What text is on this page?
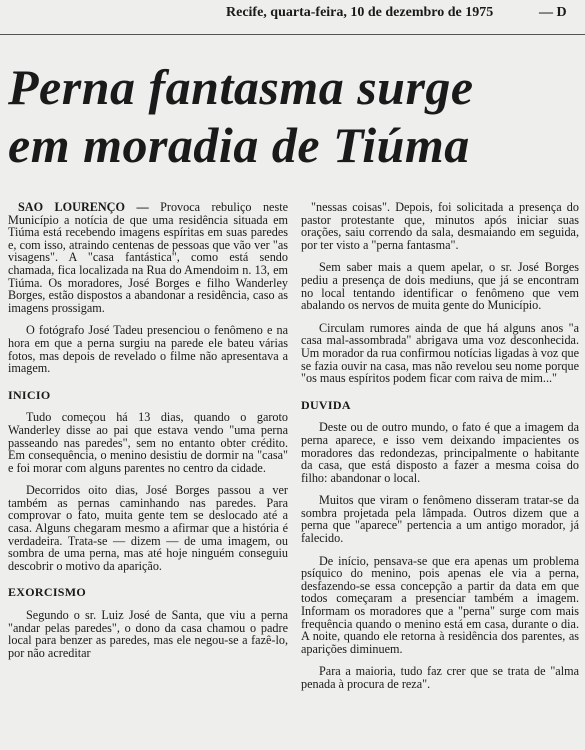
Recife, quarta-feira, 10 de dezembro de 1975	— D
Perna fantasma surge
em moradia de Tiúma

SAO LOURENÇO — Provoca rebuliço neste Município a notícia de que uma residência situada em Tiúma está recebendo imagens espíritas em suas paredes e, com isso, atraindo centenas de pessoas que vão ver "as visagens". A "casa fantástica", como está sendo chamada, fica localizada na Rua do Amendoim n. 13, em Tiúma. Os moradores, José Borges e filho Wanderley Borges, estão dispostos a abandonar a residência, caso as imagens prossigam.

O fotógrafo José Tadeu presenciou o fenômeno e na hora em que a perna surgiu na parede ele bateu várias fotos, mas depois de revelado o filme não apresentava a imagem.

INICIO

Tudo começou há 13 dias, quando o garoto Wanderley disse ao pai que estava vendo "uma perna passeando nas paredes", sem no entanto obter crédito. Em consequência, o menino desistiu de dormir na "casa" e foi morar com alguns parentes no centro da cidade.

Decorridos oito dias, José Borges passou a ver também as pernas caminhando nas paredes. Para comprovar o fato, muita gente tem se deslocado até a casa. Alguns chegaram mesmo a afirmar que a história é verdadeira. Trata-se — dizem — de uma imagem, ou sombra de uma perna, mas até hoje ninguém conseguiu descobrir o motivo da aparição.

EXORCISMO

Segundo o sr. Luiz José de Santa, que viu a perna "andar pelas paredes", o dono da casa chamou o padre local para benzer as paredes, mas ele negou-se a fazê-lo, por não acreditar

"nessas coisas". Depois, foi solicitada a presença do pastor protestante que, minutos após iniciar suas orações, saiu correndo da sala, desmaiando em seguida, por ter visto a "perna fantasma".

Sem saber mais a quem apelar, o sr. José Borges pediu a presença de dois mediuns, que já se encontram no local tentando identificar o fenômeno que vem abalando os nervos de muita gente do Município.

Circulam rumores ainda de que há alguns anos "a casa mal-assombrada" abrigava uma voz desconhecida. Um morador da rua confirmou notícias ligadas à voz que se fazia ouvir na casa, mas não revelou seu nome porque "os maus espíritos podem ficar com raiva de mim..."

DUVIDA

Deste ou de outro mundo, o fato é que a imagem da perna aparece, e isso vem deixando impacientes os moradores das redondezas, principalmente o habitante da casa, que está disposto a fazer a mesma coisa do filho: abandonar o local.

Muitos que viram o fenômeno disseram tratar-se da sombra projetada pela lâmpada. Outros dizem que a perna que "aparece" pertencia a um antigo morador, já falecido.

De início, pensava-se que era apenas um problema psíquico do menino, pois apenas ele via a perna, desfazendo-se essa concepção a partir da data em que todos começaram a presenciar também a imagem. Informam os moradores que a "perna" surge com mais frequência quando o menino está em casa, durante o dia. A noite, quando ele retorna à residência dos parentes, as aparições diminuem.

Para a maioria, tudo faz crer que se trata de "alma penada à procura de reza".
